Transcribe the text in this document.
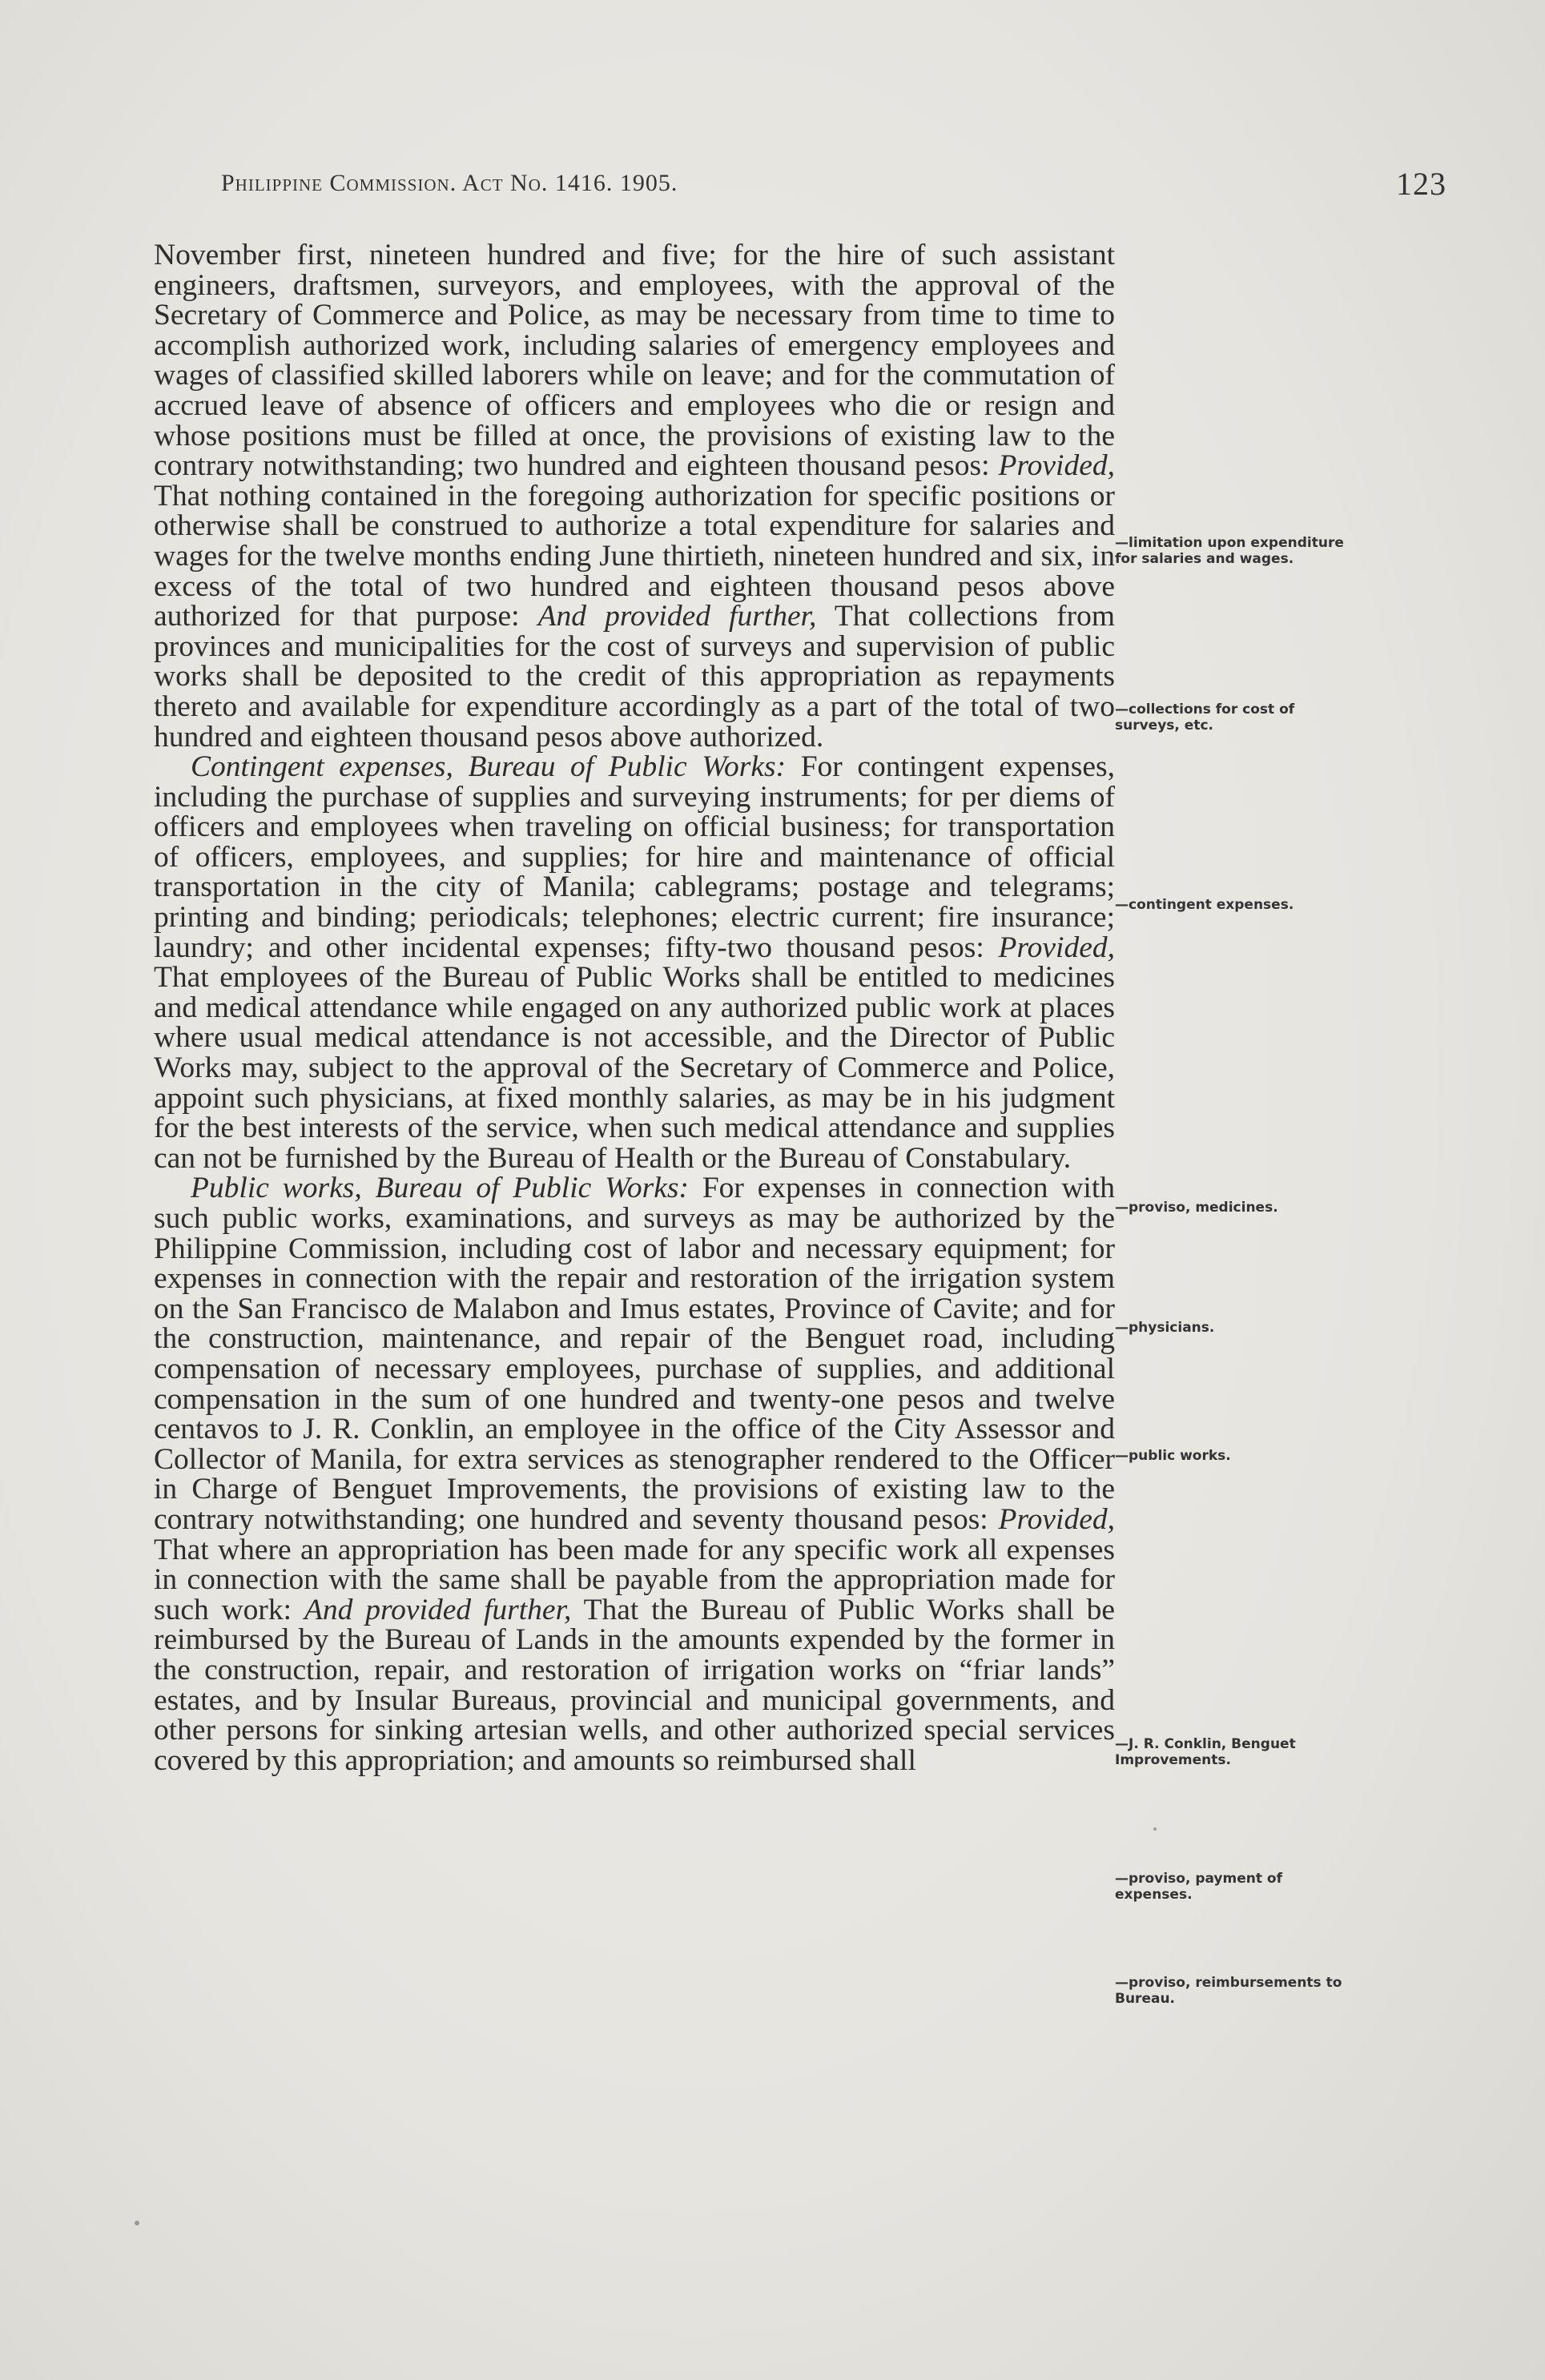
Philippine Commission. Act No. 1416. 1905.	123

November first, nineteen hundred and five; for the hire of such assistant engineers, draftsmen, surveyors, and employees, with the approval of the Secretary of Commerce and Police, as may be necessary from time to time to accomplish authorized work, including salaries of emergency employees and wages of classified skilled laborers while on leave; and for the commutation of accrued leave of absence of officers and employees who die or resign and whose positions must be filled at once, the provisions of existing law to the contrary notwithstanding; two hundred and eighteen thousand pesos: Provided, That nothing contained in the foregoing authorization for specific positions or otherwise shall be construed to authorize a total expenditure for salaries and wages for the twelve months ending June thirtieth, nineteen hundred and six, in excess of the total of two hundred and eighteen thousand pesos above authorized for that purpose: And provided further, That collections from provinces and municipalities for the cost of surveys and supervision of public works shall be deposited to the credit of this appropriation as repayments thereto and available for expenditure accordingly as a part of the total of two hundred and eighteen thousand pesos above authorized.

Contingent expenses, Bureau of Public Works: For contingent expenses, including the purchase of supplies and surveying instruments; for per diems of officers and employees when traveling on official business; for transportation of officers, employees, and supplies; for hire and maintenance of official transportation in the city of Manila; cablegrams; postage and telegrams; printing and binding; periodicals; telephones; electric current; fire insurance; laundry; and other incidental expenses; fifty-two thousand pesos: Provided, That employees of the Bureau of Public Works shall be entitled to medicines and medical attendance while engaged on any authorized public work at places where usual medical attendance is not accessible, and the Director of Public Works may, subject to the approval of the Secretary of Commerce and Police, appoint such physicians, at fixed monthly salaries, as may be in his judgment for the best interests of the service, when such medical attendance and supplies can not be furnished by the Bureau of Health or the Bureau of Constabulary.

Public works, Bureau of Public Works: For expenses in connection with such public works, examinations, and surveys as may be authorized by the Philippine Commission, including cost of labor and necessary equipment; for expenses in connection with the repair and restoration of the irrigation system on the San Francisco de Malabon and Imus estates, Province of Cavite; and for the construction, maintenance, and repair of the Benguet road, including compensation of necessary employees, purchase of supplies, and additional compensation in the sum of one hundred and twenty-one pesos and twelve centavos to J. R. Conklin, an employee in the office of the City Assessor and Collector of Manila, for extra services as stenographer rendered to the Officer in Charge of Benguet Improvements, the provisions of existing law to the contrary notwithstanding; one hundred and seventy thousand pesos: Provided, That where an appropriation has been made for any specific work all expenses in connection with the same shall be payable from the appropriation made for such work: And provided further, That the Bureau of Public Works shall be reimbursed by the Bureau of Lands in the amounts expended by the former in the construction, repair, and restoration of irrigation works on “friar lands” estates, and by Insular Bureaus, provincial and municipal governments, and other persons for sinking artesian wells, and other authorized special services covered by this appropriation; and amounts so reimbursed shall

—limitation upon expenditure for salaries and wages.
—collections for cost of surveys, etc.
—contingent expenses.
—proviso, medicines.
—physicians.
—public works.
—J. R. Conklin, Benguet Improvements.
—proviso, payment of expenses.
—proviso, reimbursements to Bureau.
